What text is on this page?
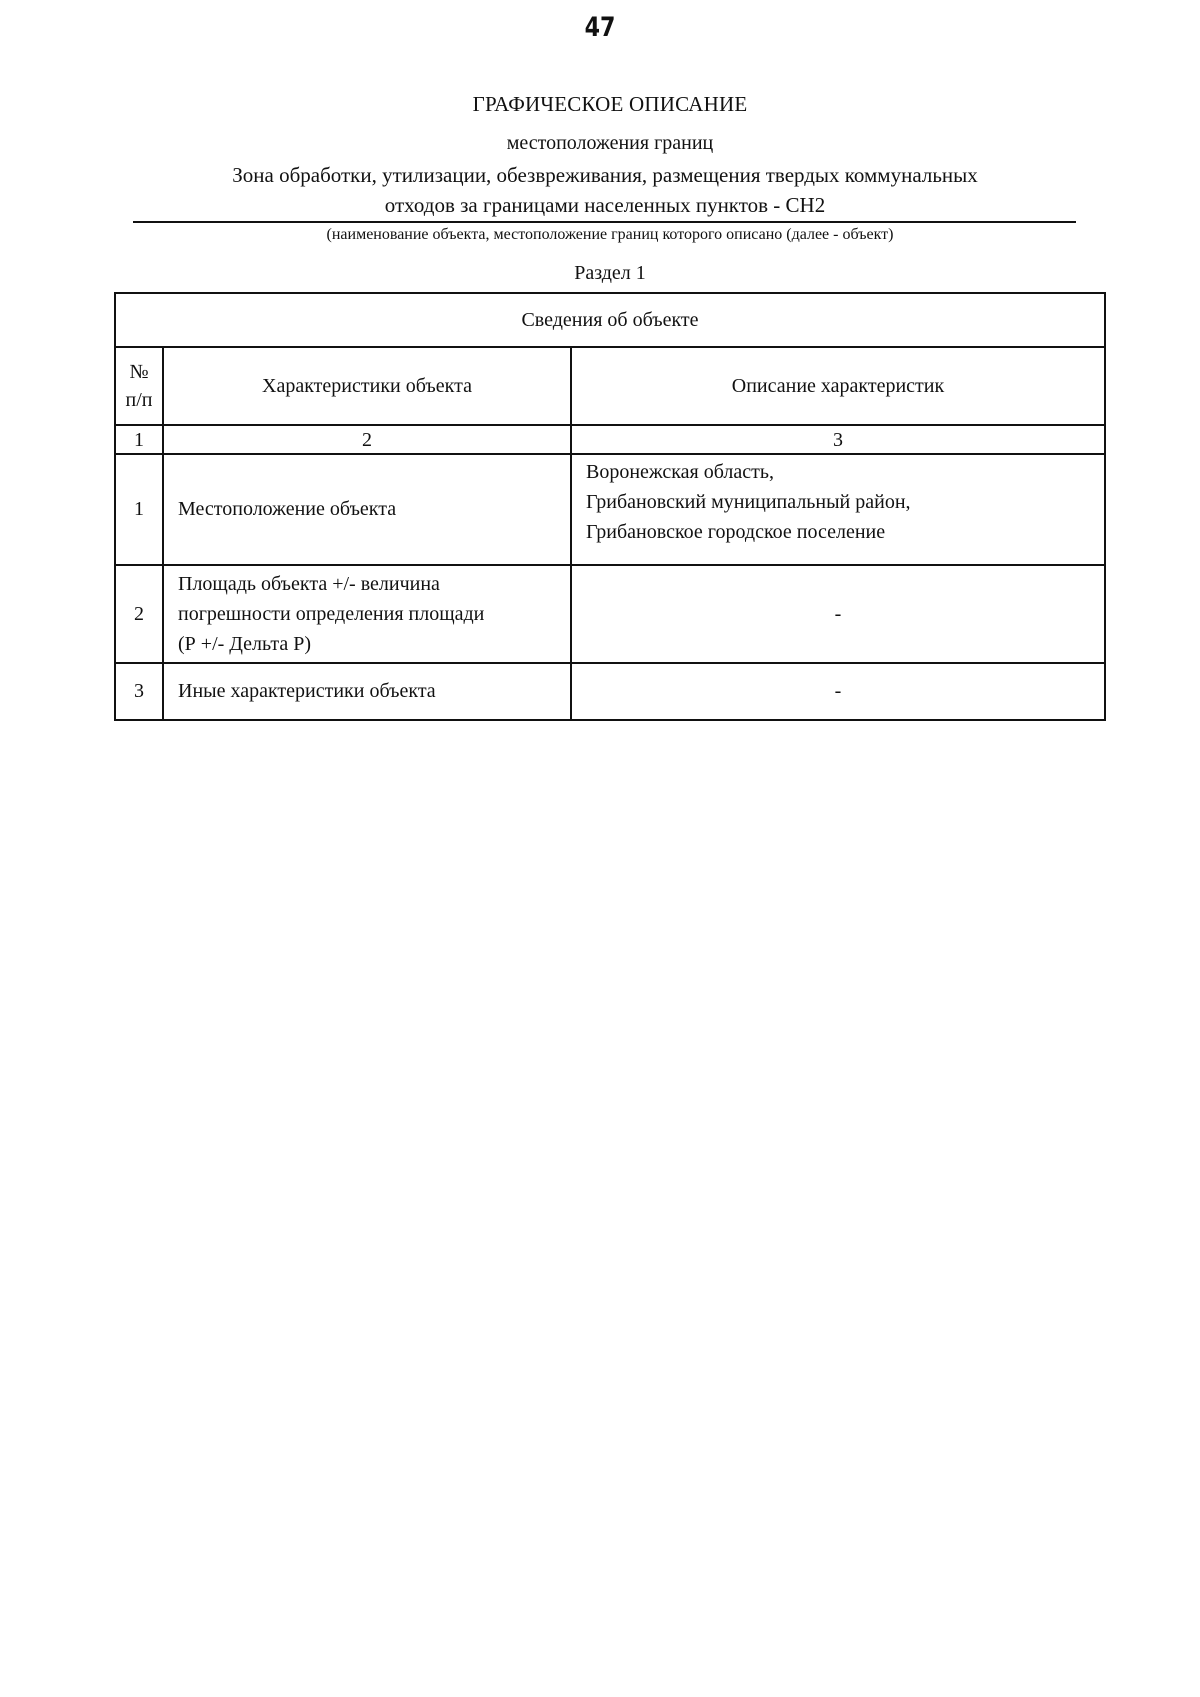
47
ГРАФИЧЕСКОЕ ОПИСАНИЕ
местоположения границ
Зона обработки, утилизации, обезвреживания, размещения твердых коммунальных
отходов за границами населенных пунктов - СН2
(наименование объекта, местоположение границ которого описано (далее - объект)
Раздел 1
Сведения об объекте		

№
п/п	Характеристики объекта	Описание характеристик
1	2	3
1	Местоположение объекта	Воронежская область,
Грибановский муниципальный район,
Грибановское городское поселение

2	Площадь объекта +/- величина
погрешности определения площади
(Р +/- Дельта Р)	-
3	Иные характеристики объекта	-
